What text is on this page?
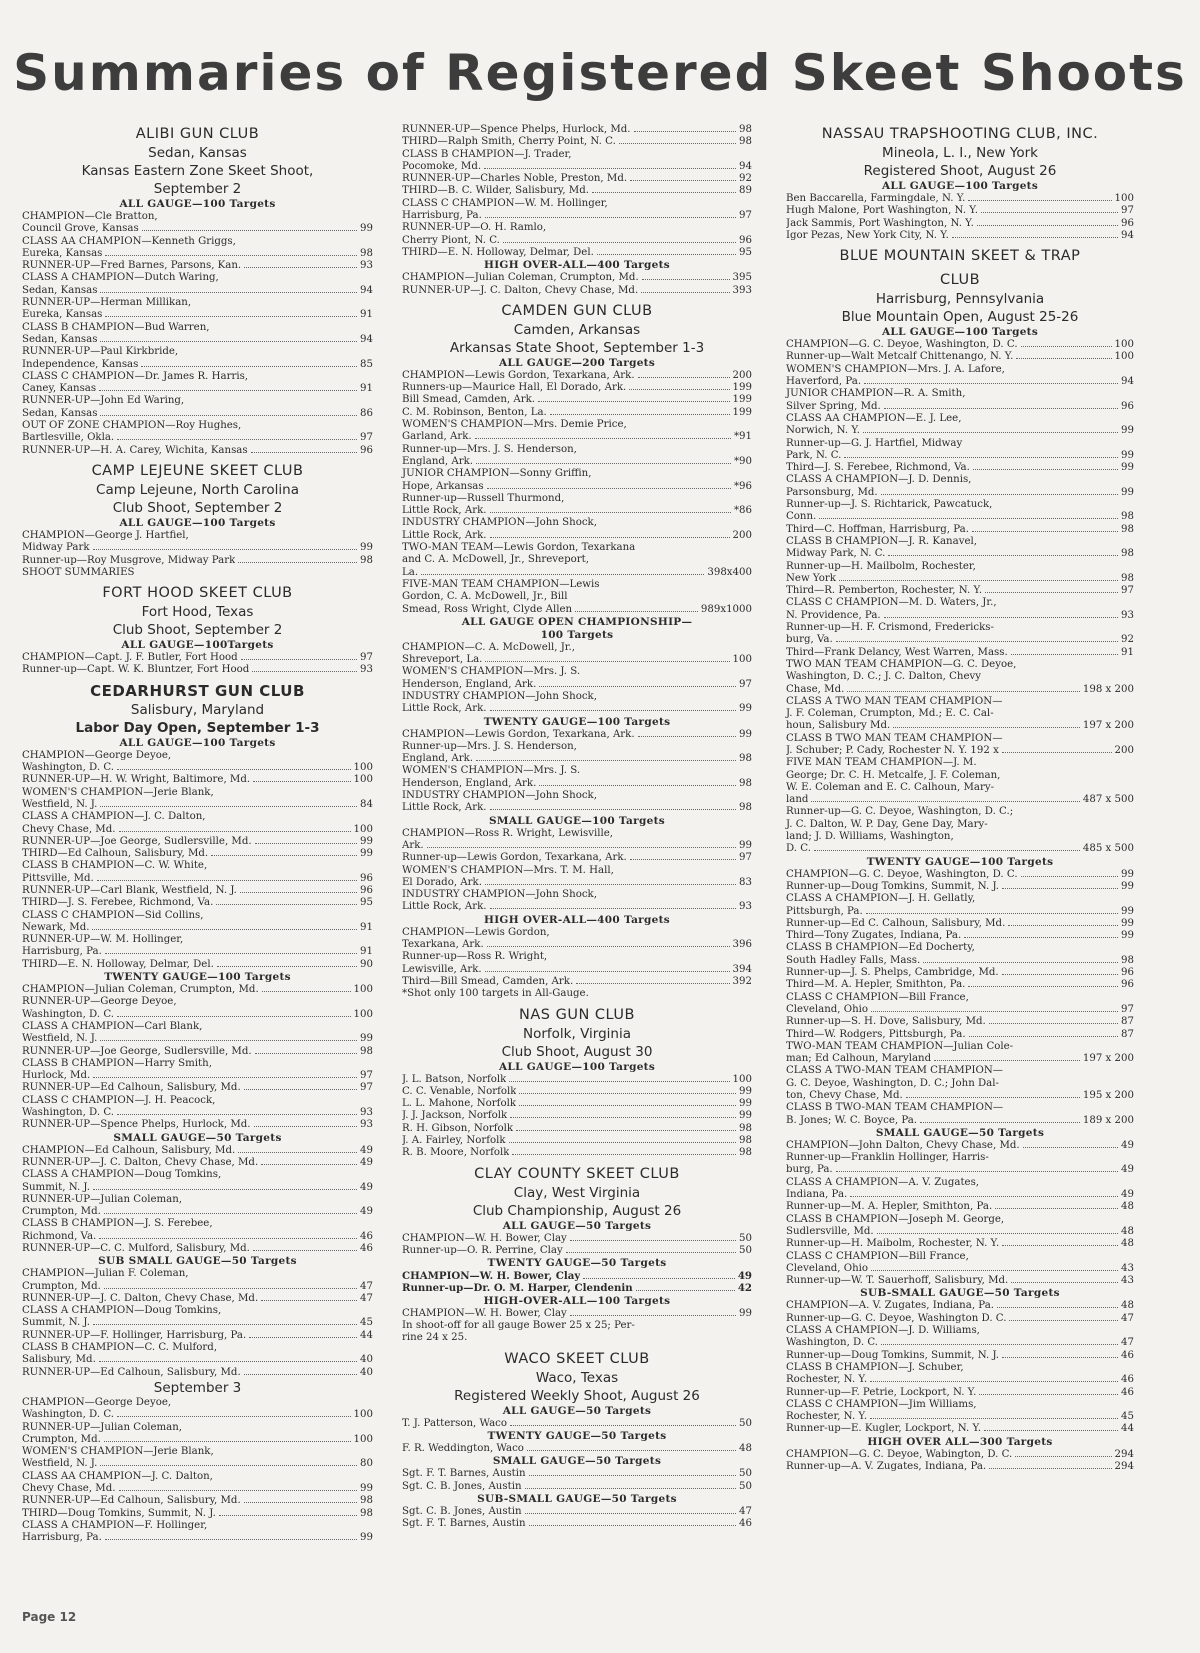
Summaries of Registered Skeet Shoots
ALIBI GUN CLUB
Sedan, Kansas
Kansas Eastern Zone Skeet Shoot,
September 2
ALL GAUGE—100 Targets
CHAMPION—Cle Bratton,
Council Grove, Kansas	99
CLASS AA CHAMPION—Kenneth Griggs,
Eureka, Kansas	98
RUNNER-UP—Fred Barnes, Parsons, Kan.	93
CLASS A CHAMPION—Dutch Waring,
Sedan, Kansas	94
RUNNER-UP—Herman Millikan,
Eureka, Kansas	91
CLASS B CHAMPION—Bud Warren,
Sedan, Kansas	94
RUNNER-UP—Paul Kirkbride,
Independence, Kansas	85
CLASS C CHAMPION—Dr. James R. Harris,
Caney, Kansas	91
RUNNER-UP—John Ed Waring,
Sedan, Kansas	86
OUT OF ZONE CHAMPION—Roy Hughes,
Bartlesville, Okla.	97
RUNNER-UP—H. A. Carey, Wichita, Kansas	96
CAMP LEJEUNE SKEET CLUB
Camp Lejeune, North Carolina
Club Shoot, September 2
ALL GAUGE—100 Targets
CHAMPION—George J. Hartfiel,
Midway Park	99
Runner-up—Roy Musgrove, Midway Park	98
SHOOT SUMMARIES
FORT HOOD SKEET CLUB
Fort Hood, Texas
Club Shoot, September 2
ALL GAUGE—100Targets
CHAMPION—Capt. J. F. Butler, Fort Hood	97
Runner-up—Capt. W. K. Bluntzer, Fort Hood	93
CEDARHURST GUN CLUB
Salisbury, Maryland
Labor Day Open, September 1-3
ALL GAUGE—100 Targets
CHAMPION—George Deyoe,
Washington, D. C.	100
RUNNER-UP—H. W. Wright, Baltimore, Md.	100
WOMEN'S CHAMPION—Jerie Blank,
Westfield, N. J.	84
CLASS A CHAMPION—J. C. Dalton,
Chevy Chase, Md.	100
RUNNER-UP—Joe George, Sudlersville, Md.	99
THIRD—Ed Calhoun, Salisbury, Md.	99
CLASS B CHAMPION—C. W. White,
Pittsville, Md.	96
RUNNER-UP—Carl Blank, Westfield, N. J.	96
THIRD—J. S. Ferebee, Richmond, Va.	95
CLASS C CHAMPION—Sid Collins,
Newark, Md.	91
RUNNER-UP—W. M. Hollinger,
Harrisburg, Pa.	91
THIRD—E. N. Holloway, Delmar, Del.	90
TWENTY GAUGE—100 Targets
CHAMPION—Julian Coleman, Crumpton, Md.	100
RUNNER-UP—George Deyoe,
Washington, D. C.	100
CLASS A CHAMPION—Carl Blank,
Westfield, N. J.	99
RUNNER-UP—Joe George, Sudlersville, Md.	98
CLASS B CHAMPION—Harry Smith,
Hurlock, Md.	97
RUNNER-UP—Ed Calhoun, Salisbury, Md.	97
CLASS C CHAMPION—J. H. Peacock,
Washington, D. C.	93
RUNNER-UP—Spence Phelps, Hurlock, Md.	93
SMALL GAUGE—50 Targets
CHAMPION—Ed Calhoun, Salisbury, Md.	49
RUNNER-UP—J. C. Dalton, Chevy Chase, Md.	49
CLASS A CHAMPION—Doug Tomkins,
Summit, N. J.	49
RUNNER-UP—Julian Coleman,
Crumpton, Md.	49
CLASS B CHAMPION—J. S. Ferebee,
Richmond, Va.	46
RUNNER-UP—C. C. Mulford, Salisbury, Md.	46
SUB SMALL GAUGE—50 Targets
CHAMPION—Julian F. Coleman,
Crumpton, Md.	47
RUNNER-UP—J. C. Dalton, Chevy Chase, Md.	47
CLASS A CHAMPION—Doug Tomkins,
Summit, N. J.	45
RUNNER-UP—F. Hollinger, Harrisburg, Pa.	44
CLASS B CHAMPION—C. C. Mulford,
Salisbury, Md.	40
RUNNER-UP—Ed Calhoun, Salisbury, Md.	40
September 3
CHAMPION—George Deyoe,
Washington, D. C.	100
RUNNER-UP—Julian Coleman,
Crumpton, Md.	100
WOMEN'S CHAMPION—Jerie Blank,
Westfield, N. J.	80
CLASS AA CHAMPION—J. C. Dalton,
Chevy Chase, Md.	99
RUNNER-UP—Ed Calhoun, Salisbury, Md.	98
THIRD—Doug Tomkins, Summit, N. J.	98
CLASS A CHAMPION—F. Hollinger,
Harrisburg, Pa.	99
RUNNER-UP—Spence Phelps, Hurlock, Md.	98
THIRD—Ralph Smith, Cherry Point, N. C.	98
CLASS B CHAMPION—J. Trader,
Pocomoke, Md.	94
RUNNER-UP—Charles Noble, Preston, Md.	92
THIRD—B. C. Wilder, Salisbury, Md.	89
CLASS C CHAMPION—W. M. Hollinger,
Harrisburg, Pa.	97
RUNNER-UP—O. H. Ramlo,
Cherry Piont, N. C.	96
THIRD—E. N. Holloway, Delmar, Del.	95
HIGH OVER-ALL—400 Targets
CHAMPION—Julian Coleman, Crumpton, Md.	395
RUNNER-UP—J. C. Dalton, Chevy Chase, Md.	393
CAMDEN GUN CLUB
Camden, Arkansas
Arkansas State Shoot, September 1-3
ALL GAUGE—200 Targets
CHAMPION—Lewis Gordon, Texarkana, Ark.	200
Runners-up—Maurice Hall, El Dorado, Ark.	199
Bill Smead, Camden, Ark.	199
C. M. Robinson, Benton, La.	199
WOMEN'S CHAMPION—Mrs. Demie Price,
Garland, Ark.	*91
Runner-up—Mrs. J. S. Henderson,
England, Ark.	*90
JUNIOR CHAMPION—Sonny Griffin,
Hope, Arkansas	*96
Runner-up—Russell Thurmond,
Little Rock, Ark.	*86
INDUSTRY CHAMPION—John Shock,
Little Rock, Ark.	200
TWO-MAN TEAM—Lewis Gordon, Texarkana
and C. A. McDowell, Jr., Shreveport,
La.	398x400
FIVE-MAN TEAM CHAMPION—Lewis
Gordon, C. A. McDowell, Jr., Bill
Smead, Ross Wright, Clyde Allen	989x1000
ALL GAUGE OPEN CHAMPIONSHIP—
100 Targets
CHAMPION—C. A. McDowell, Jr.,
Shreveport, La.	100
WOMEN'S CHAMPION—Mrs. J. S.
Henderson, England, Ark.	97
INDUSTRY CHAMPION—John Shock,
Little Rock, Ark.	99
TWENTY GAUGE—100 Targets
CHAMPION—Lewis Gordon, Texarkana, Ark.	99
Runner-up—Mrs. J. S. Henderson,
England, Ark.	98
WOMEN'S CHAMPION—Mrs. J. S.
Henderson, England, Ark.	98
INDUSTRY CHAMPION—John Shock,
Little Rock, Ark.	98
SMALL GAUGE—100 Targets
CHAMPION—Ross R. Wright, Lewisville,
Ark.	99
Runner-up—Lewis Gordon, Texarkana, Ark.	97
WOMEN'S CHAMPION—Mrs. T. M. Hall,
El Dorado, Ark.	83
INDUSTRY CHAMPION—John Shock,
Little Rock, Ark.	93
HIGH OVER-ALL—400 Targets
CHAMPION—Lewis Gordon,
Texarkana, Ark.	396
Runner-up—Ross R. Wright,
Lewisville, Ark.	394
Third—Bill Smead, Camden, Ark.	392
*Shot only 100 targets in All-Gauge.
NAS GUN CLUB
Norfolk, Virginia
Club Shoot, August 30
ALL GAUGE—100 Targets
J. L. Batson, Norfolk	100
C. C. Venable, Norfolk	99
L. L. Mahone, Norfolk	99
J. J. Jackson, Norfolk	99
R. H. Gibson, Norfolk	98
J. A. Fairley, Norfolk	98
R. B. Moore, Norfolk	98
CLAY COUNTY SKEET CLUB
Clay, West Virginia
Club Championship, August 26
ALL GAUGE—50 Targets
CHAMPION—W. H. Bower, Clay	50
Runner-up—O. R. Perrine, Clay	50
TWENTY GAUGE—50 Targets
CHAMPION—W. H. Bower, Clay	49
Runner-up—Dr. O. M. Harper, Clendenin	42
HIGH-OVER-ALL—100 Targets
CHAMPION—W. H. Bower, Clay	99
In shoot-off for all gauge Bower 25 x 25; Per-
rine 24 x 25.
WACO SKEET CLUB
Waco, Texas
Registered Weekly Shoot, August 26
ALL GAUGE—50 Targets
T. J. Patterson, Waco	50
TWENTY GAUGE—50 Targets
F. R. Weddington, Waco	48
SMALL GAUGE—50 Targets
Sgt. F. T. Barnes, Austin	50
Sgt. C. B. Jones, Austin	50
SUB-SMALL GAUGE—50 Targets
Sgt. C. B. Jones, Austin	47
Sgt. F. T. Barnes, Austin	46
NASSAU TRAPSHOOTING CLUB, INC.
Mineola, L. I., New York
Registered Shoot, August 26
ALL GAUGE—100 Targets
Ben Baccarella, Farmingdale, N. Y.	100
Hugh Malone, Port Washington, N. Y.	97
Jack Sammis, Port Washington, N. Y.	96
Igor Pezas, New York City, N. Y.	94
BLUE MOUNTAIN SKEET & TRAP
CLUB
Harrisburg, Pennsylvania
Blue Mountain Open, August 25-26
ALL GAUGE—100 Targets
CHAMPION—G. C. Deyoe, Washington, D. C.	100
Runner-up—Walt Metcalf Chittenango, N. Y.	100
WOMEN'S CHAMPION—Mrs. J. A. Lafore,
Haverford, Pa.	94
JUNIOR CHAMPION—R. A. Smith,
Silver Spring, Md.	96
CLASS AA CHAMPION—E. J. Lee,
Norwich, N. Y.	99
Runner-up—G. J. Hartfiel, Midway
Park, N. C.	99
Third—J. S. Ferebee, Richmond, Va.	99
CLASS A CHAMPION—J. D. Dennis,
Parsonsburg, Md.	99
Runner-up—J. S. Richtarick, Pawcatuck,
Conn.	98
Third—C. Hoffman, Harrisburg, Pa.	98
CLASS B CHAMPION—J. R. Kanavel,
Midway Park, N. C.	98
Runner-up—H. Mailbolm, Rochester,
New York	98
Third—R. Pemberton, Rochester, N. Y.	97
CLASS C CHAMPION—M. D. Waters, Jr.,
N. Providence, Pa.	93
Runner-up—H. F. Crismond, Fredericks-
burg, Va.	92
Third—Frank Delancy, West Warren, Mass.	91
TWO MAN TEAM CHAMPION—G. C. Deyoe,
Washington, D. C.; J. C. Dalton, Chevy
Chase, Md.	198 x 200
CLASS A TWO MAN TEAM CHAMPION—
J. F. Coleman, Crumpton, Md.; E. C. Cal-
houn, Salisbury Md.	197 x 200
CLASS B TWO MAN TEAM CHAMPION—
J. Schuber; P. Cady, Rochester N. Y. 192 x	200
FIVE MAN TEAM CHAMPION—J. M.
George; Dr. C. H. Metcalfe, J. F. Coleman,
W. E. Coleman and E. C. Calhoun, Mary-
land	487 x 500
Runner-up—G. C. Deyoe, Washington, D. C.;
J. C. Dalton, W. P. Day, Gene Day, Mary-
land; J. D. Williams, Washington,
D. C.	485 x 500
TWENTY GAUGE—100 Targets
CHAMPION—G. C. Deyoe, Washington, D. C.	99
Runner-up—Doug Tomkins, Summit, N. J.	99
CLASS A CHAMPION—J. H. Gellatly,
Pittsburgh, Pa.	99
Runner-up—Ed C. Calhoun, Salisbury, Md.	99
Third—Tony Zugates, Indiana, Pa.	99
CLASS B CHAMPION—Ed Docherty,
South Hadley Falls, Mass.	98
Runner-up—J. S. Phelps, Cambridge, Md.	96
Third—M. A. Hepler, Smithton, Pa.	96
CLASS C CHAMPION—Bill France,
Cleveland, Ohio	97
Runner-up—S. H. Dove, Salisbury, Md.	87
Third—W. Rodgers, Pittsburgh, Pa.	87
TWO-MAN TEAM CHAMPION—Julian Cole-
man; Ed Calhoun, Maryland	197 x 200
CLASS A TWO-MAN TEAM CHAMPION—
G. C. Deyoe, Washington, D. C.; John Dal-
ton, Chevy Chase, Md.	195 x 200
CLASS B TWO-MAN TEAM CHAMPION—
B. Jones; W. C. Boyce, Pa.	189 x 200
SMALL GAUGE—50 Targets
CHAMPION—John Dalton, Chevy Chase, Md.	49
Runner-up—Franklin Hollinger, Harris-
burg, Pa.	49
CLASS A CHAMPION—A. V. Zugates,
Indiana, Pa.	49
Runner-up—M. A. Hepler, Smithton, Pa.	48
CLASS B CHAMPION—Joseph M. George,
Sudlersville, Md.	48
Runner-up—H. Maibolm, Rochester, N. Y.	48
CLASS C CHAMPION—Bill France,
Cleveland, Ohio	43
Runner-up—W. T. Sauerhoff, Salisbury, Md.	43
SUB-SMALL GAUGE—50 Targets
CHAMPION—A. V. Zugates, Indiana, Pa.	48
Runner-up—G. C. Deyoe, Washington D. C.	47
CLASS A CHAMPION—J. D. Williams,
Washington, D. C.	47
Runner-up—Doug Tomkins, Summit, N. J.	46
CLASS B CHAMPION—J. Schuber,
Rochester, N. Y.	46
Runner-up—F. Petrie, Lockport, N. Y.	46
CLASS C CHAMPION—Jim Williams,
Rochester, N. Y.	45
Runner-up—E. Kugler, Lockport, N. Y.	44
HIGH OVER ALL—300 Targets
CHAMPION—G. C. Deyoe, Wabington, D. C.	294
Runner-up—A. V. Zugates, Indiana, Pa.	294
Page 12
